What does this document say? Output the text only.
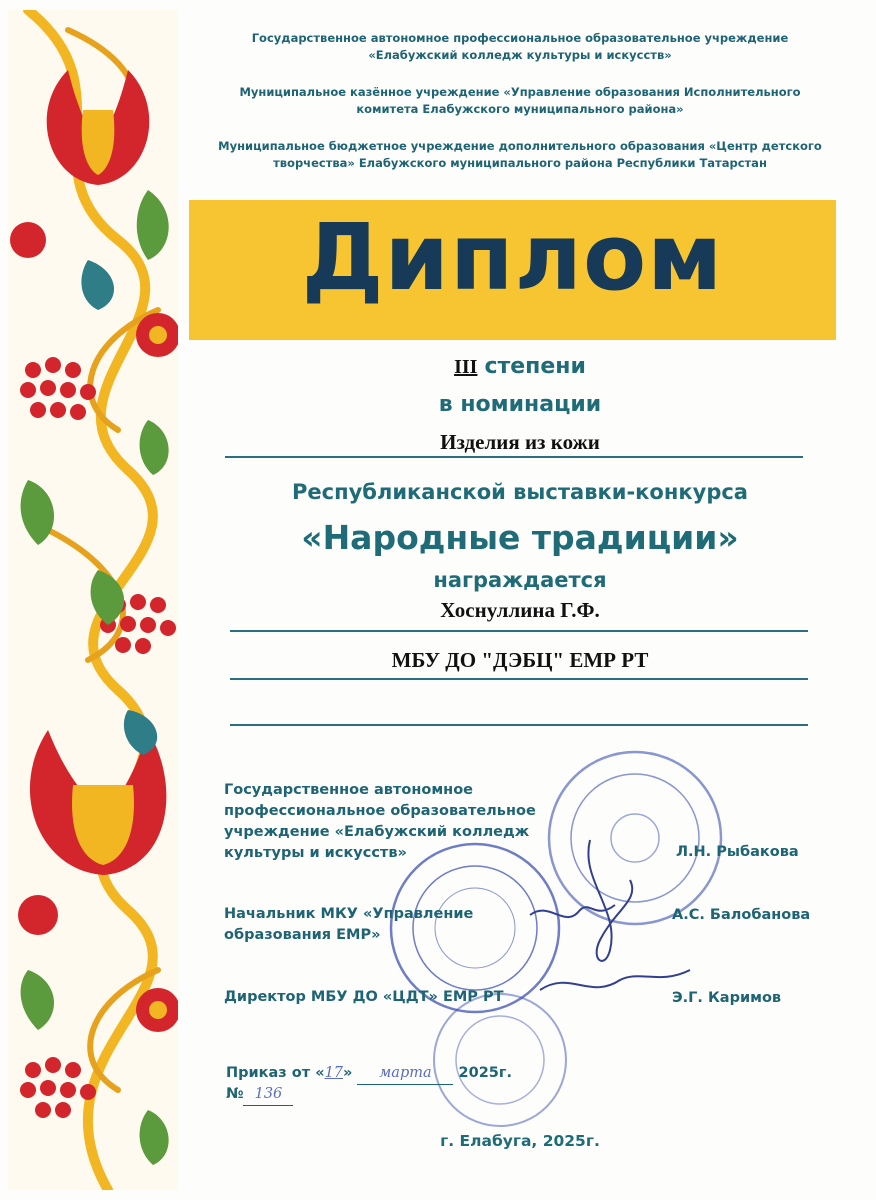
Государственное автономное профессиональное образовательное учреждение
«Елабужский колледж культуры и искусств»
Муниципальное казённое учреждение «Управление образования Исполнительного
комитета Елабужского муниципального района»
Муниципальное бюджетное учреждение дополнительного образования «Центр детского
творчества» Елабужского муниципального района Республики Татарстан
Диплом
III степени
в номинации
Изделия из кожи
Республиканской выставки-конкурса
«Народные традиции»
награждается
Хоснуллина Г.Ф.
МБУ ДО "ДЭБЦ" ЕМР РТ
Государственное автономное
профессиональное образовательное
учреждение «Елабужский колледж
культуры и искусств»	Л.Н. Рыбакова
Начальник МКУ «Управление
образования ЕМР»
А.С. Балобанова
Директор МБУ ДО «ЦДТ» ЕМР РТ	Э.Г. Каримов
Приказ от «17» марта 2025г.
№ 136
г. Елабуга, 2025г.
